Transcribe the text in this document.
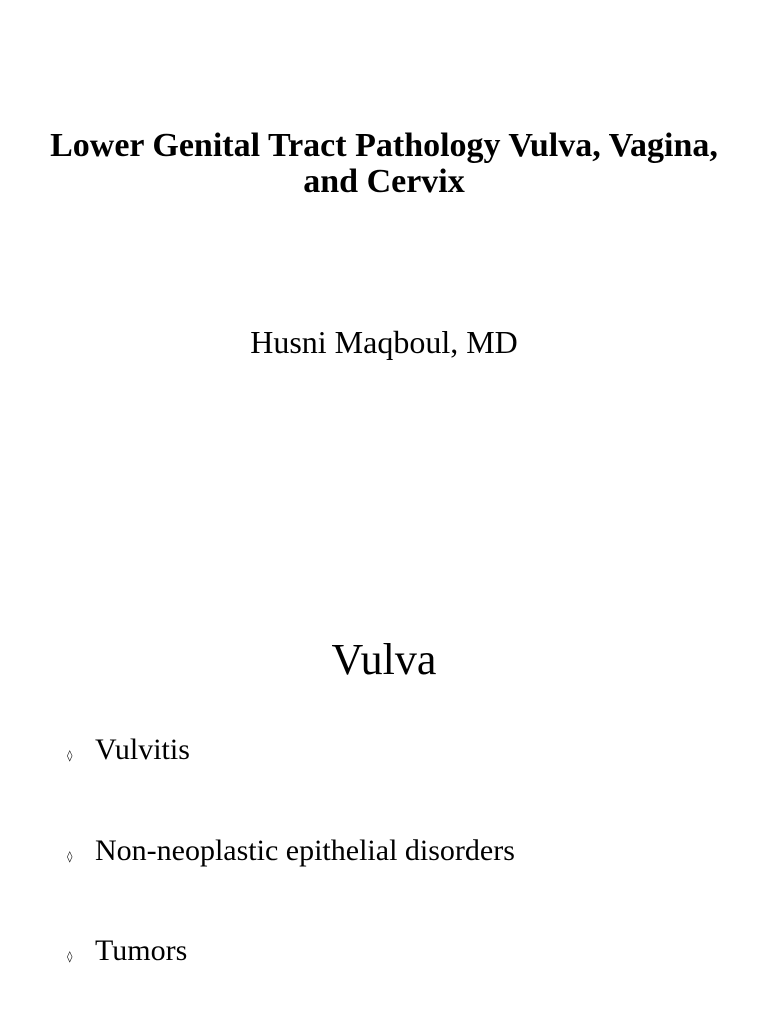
Lower Genital Tract Pathology Vulva, Vagina, and Cervix

Husni Maqboul, MD

Vulva
◊ Vulvitis
◊ Non-neoplastic epithelial disorders
◊ Tumors
